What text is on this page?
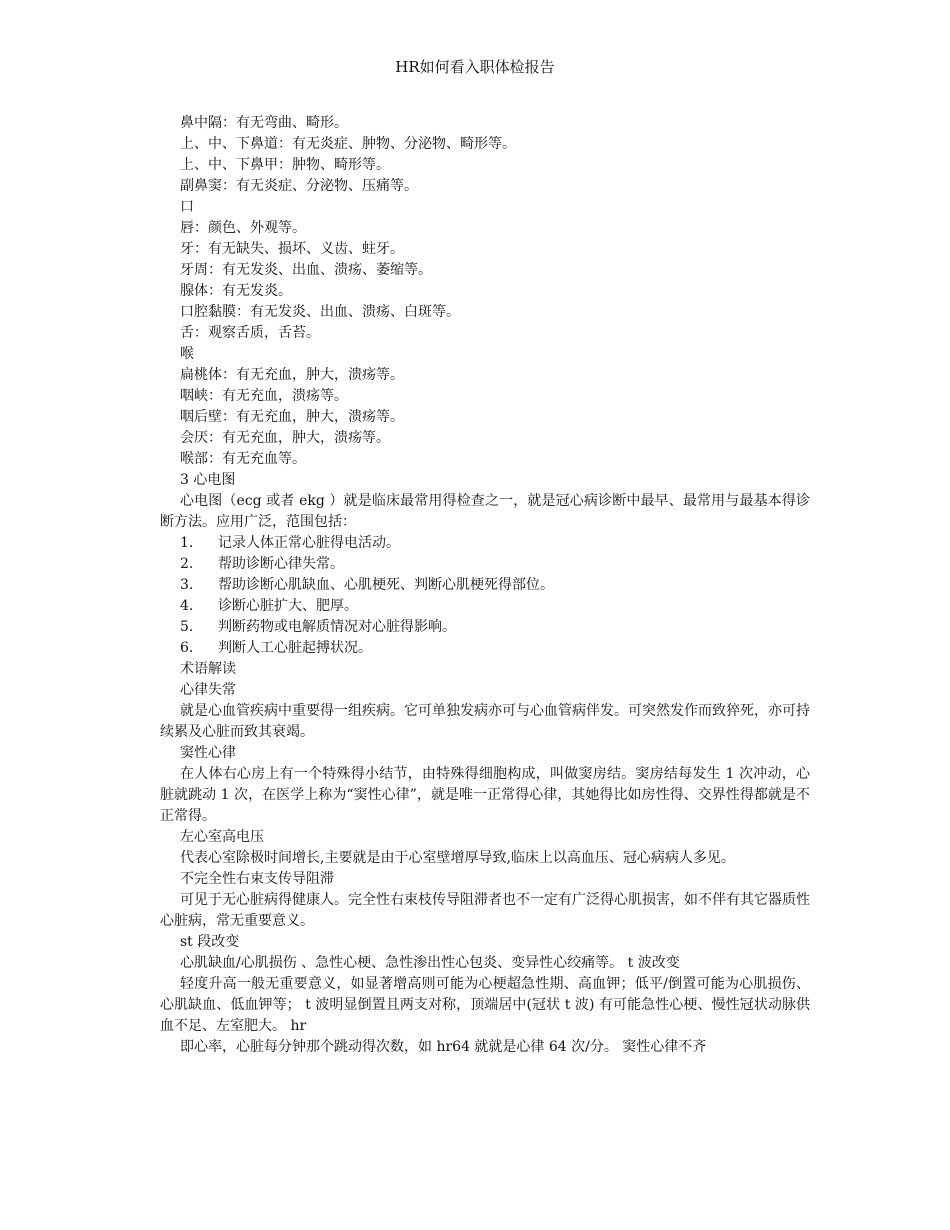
HR如何看入职体检报告

鼻中隔：有无弯曲、畸形。

上、中、下鼻道：有无炎症、肿物、分泌物、畸形等。

上、中、下鼻甲：肿物、畸形等。

副鼻窦：有无炎症、分泌物、压痛等。

口

唇：颜色、外观等。

牙：有无缺失、损坏、义齿、蛀牙。

牙周：有无发炎、出血、溃疡、萎缩等。

腺体：有无发炎。

口腔黏膜：有无发炎、出血、溃疡、白斑等。

舌：观察舌质，舌苔。

喉

扁桃体：有无充血，肿大，溃疡等。

咽峡：有无充血，溃疡等。

咽后壁：有无充血，肿大，溃疡等。

会厌：有无充血，肿大，溃疡等。

喉部：有无充血等。

3 心电图

心电图（ecg 或者 ekg ）就是临床最常用得检查之一，就是冠心病诊断中最早、最常用与最基本得诊断方法。应用广泛，范围包括：

1. 记录人体正常心脏得电活动。

2. 帮助诊断心律失常。

3. 帮助诊断心肌缺血、心肌梗死、判断心肌梗死得部位。

4. 诊断心脏扩大、肥厚。

5. 判断药物或电解质情况对心脏得影响。

6. 判断人工心脏起搏状况。

术语解读

心律失常

就是心血管疾病中重要得一组疾病。它可单独发病亦可与心血管病伴发。可突然发作而致猝死，亦可持续累及心脏而致其衰竭。

窦性心律

在人体右心房上有一个特殊得小结节，由特殊得细胞构成，叫做窦房结。窦房结每发生 1 次冲动，心脏就跳动 1 次，在医学上称为“窦性心律”，就是唯一正常得心律，其她得比如房性得、交界性得都就是不正常得。

左心室高电压

代表心室除极时间增长,主要就是由于心室壁增厚导致,临床上以高血压、冠心病病人多见。

不完全性右束支传导阻滞

可见于无心脏病得健康人。完全性右束枝传导阻滞者也不一定有广泛得心肌损害，如不伴有其它器质性心脏病，常无重要意义。

st 段改变

心肌缺血/心肌损伤 、急性心梗、急性渗出性心包炎、变异性心绞痛等。 t 波改变

轻度升高一般无重要意义，如显著增高则可能为心梗超急性期、高血钾；低平/倒置可能为心肌损伤、心肌缺血、低血钾等； t 波明显倒置且两支对称，顶端居中(冠状 t 波) 有可能急性心梗、慢性冠状动脉供血不足、左室肥大。 hr

即心率，心脏每分钟那个跳动得次数，如 hr64 就就是心律 64 次/分。 窦性心律不齐
